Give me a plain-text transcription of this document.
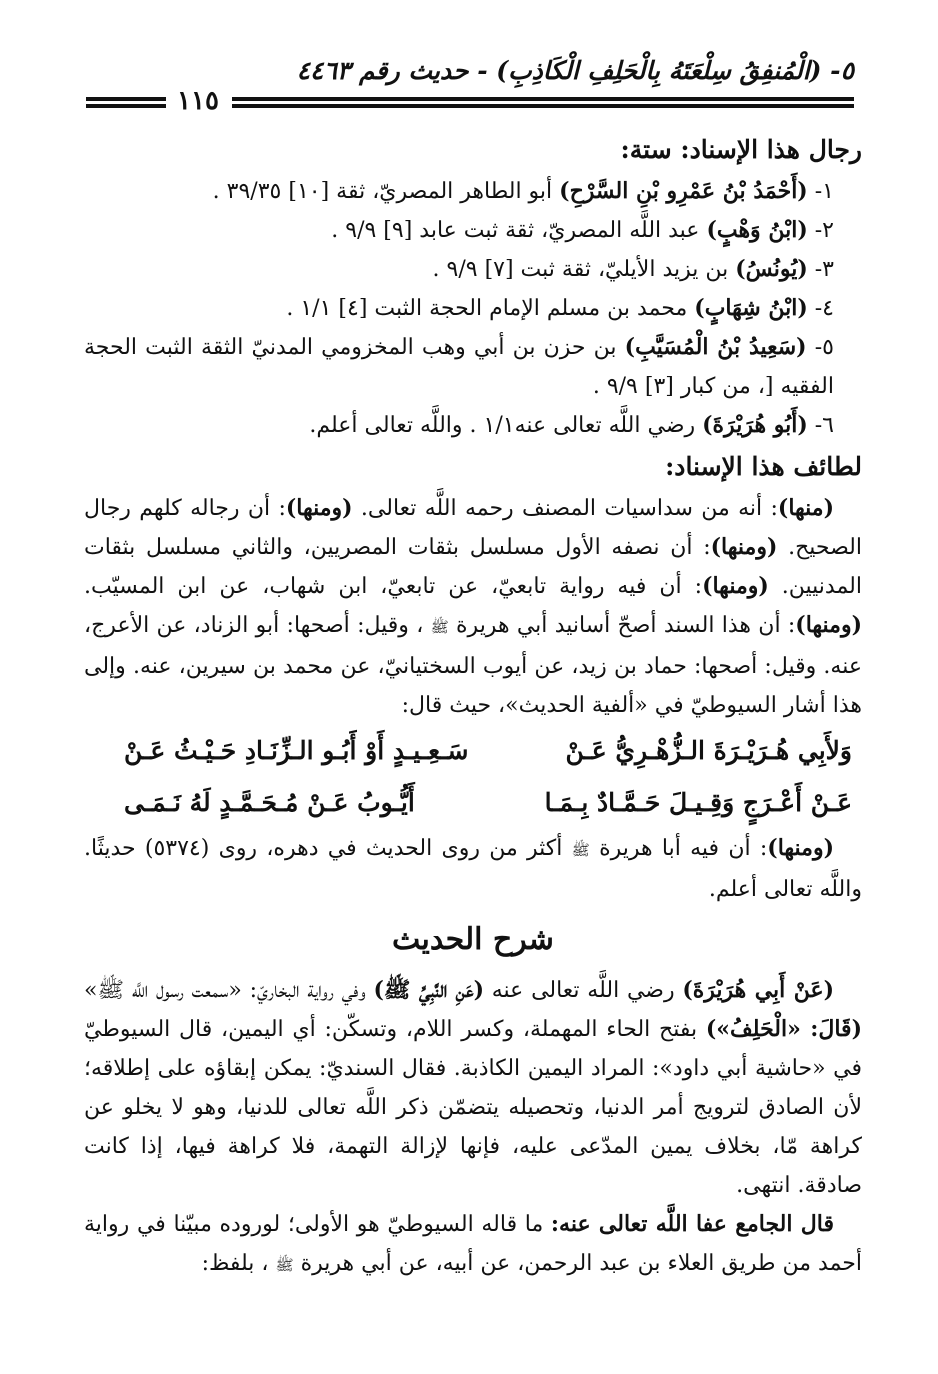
٥- (الْمُنفِقُ سِلْعَتَهُ بِالْحَلِفِ الْكَاذِبِ) - حديث رقم ٤٤٦٣
١١٥

رجال هذا الإسناد: ستة:

١- (أَحْمَدُ بْنُ عَمْرِو بْنِ السَّرْحِ) أبو الطاهر المصريّ، ثقة [١٠] ٣٩/٣٥ .

٢- (ابْنُ وَهْبٍ) عبد اللَّه المصريّ، ثقة ثبت عابد [٩] ٩/٩ .

٣- (يُونُسُ) بن يزيد الأيليّ، ثقة ثبت [٧] ٩/٩ .

٤- (ابْنُ شِهَابٍ) محمد بن مسلم الإمام الحجة الثبت [٤] ١/١ .

٥- (سَعِيدُ بْنُ الْمُسَيَّبِ) بن حزن بن أبي وهب المخزومي المدنيّ الثقة الثبت الحجة الفقيه [، من كبار [٣] ٩/٩ .

٦- (أَبُو هُرَيْرَةَ) رضي اللَّه تعالى عنه١/١ . واللَّه تعالى أعلم.

لطائف هذا الإسناد:

(منها): أنه من سداسيات المصنف رحمه اللَّه تعالى. (ومنها): أن رجاله كلهم رجال الصحيح. (ومنها): أن نصفه الأول مسلسل بثقات المصريين، والثاني مسلسل بثقات المدنيين. (ومنها): أن فيه رواية تابعيّ، عن تابعيّ، ابن شهاب، عن ابن المسيّب. (ومنها): أن هذا السند أصحّ أسانيد أبي هريرة ﷺ ، وقيل: أصحها: أبو الزناد، عن الأعرج، عنه. وقيل: أصحها: حماد بن زيد، عن أيوب السختيانيّ، عن محمد بن سيرين، عنه. وإلى هذا أشار السيوطيّ في «ألفية الحديث»، حيث قال:

وَلأَبِي هُـرَيْـرَةَ الـزُّهْـرِيُّ عَـنْ
سَـعِـيـدٍ أَوْ أَبُـو الـزِّنَـادِ حَـيْـثُ عَـنْ
عَـنْ أَعْـرَجٍ وَقِـيـلَ حَـمَّـادٌ بِـمَـا
أَيُّـوبُ عَـنْ مُـحَـمَّـدٍ لَهُ نَـمَـى

(ومنها): أن فيه أبا هريرة ﷺ أكثر من روى الحديث في دهره، روى (٥٣٧٤) حديثًا. واللَّه تعالى أعلم.

شرح الحديث

(عَنْ أَبِي هُرَيْرَةَ) رضي اللَّه تعالى عنه (عَنِ النَّبِيِّ ﷺ) وفي رواية البخاريّ: «سمعت رسول اللَّه ﷺ» (قَالَ: «الْحَلِفُ») بفتح الحاء المهملة، وكسر اللام، وتسكّن: أي اليمين، قال السيوطيّ في «حاشية أبي داود»: المراد اليمين الكاذبة. فقال السنديّ: يمكن إبقاؤه على إطلاقه؛ لأن الصادق لترويج أمر الدنيا، وتحصيله يتضمّن ذكر اللَّه تعالى للدنيا، وهو لا يخلو عن كراهة مّا، بخلاف يمين المدّعى عليه، فإنها لإزالة التهمة، فلا كراهة فيها، إذا كانت صادقة. انتهى.

قال الجامع عفا اللَّه تعالى عنه: ما قاله السيوطيّ هو الأولى؛ لوروده مبيّنا في رواية أحمد من طريق العلاء بن عبد الرحمن، عن أبيه، عن أبي هريرة ﷺ ، بلفظ:
